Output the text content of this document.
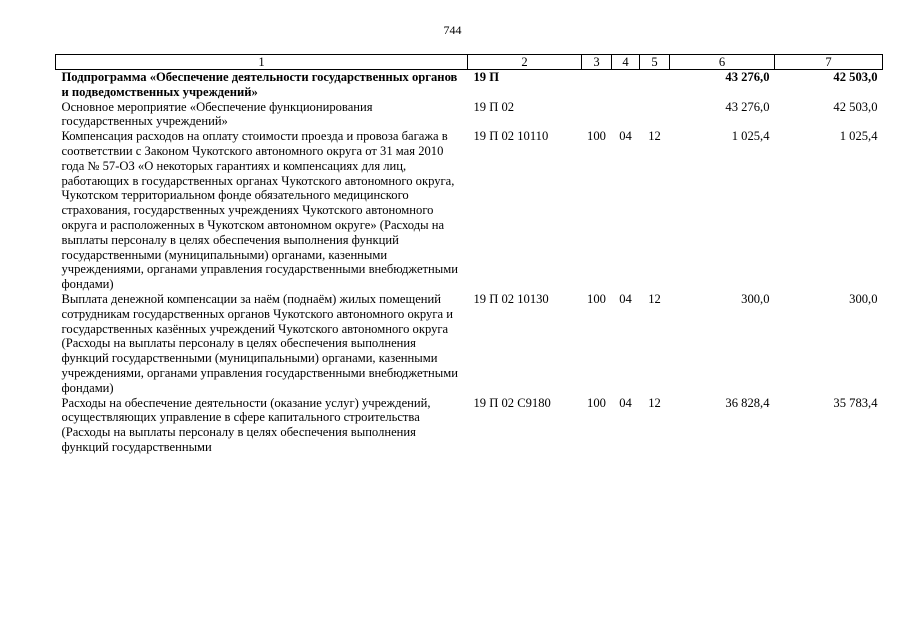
744
1	2	3	4	5	6	7
Подпрограмма «Обеспечение деятельности государственных органов и подведомственных учреждений»	19 П				43 276,0	42 503,0
Основное мероприятие «Обеспечение функционирования государственных учреждений»	19 П 02				43 276,0	42 503,0
Компенсация расходов на оплату стоимости проезда и провоза багажа в соответствии с Законом Чукотского автономного округа от 31 мая 2010 года № 57-ОЗ «О некоторых гарантиях и компенсациях для лиц, работающих в государственных органах Чукотского автономного округа, Чукотском территориальном фонде обязательного медицинского страхования, государственных учреждениях Чукотского автономного округа и расположенных в Чукотском автономном округе» (Расходы на выплаты персоналу в целях обеспечения выполнения функций государственными (муниципальными) органами, казенными учреждениями, органами управления государственными внебюджетными фондами)	19 П 02 10110	100	04	12	1 025,4	1 025,4
Выплата денежной компенсации за наём (поднаём) жилых помещений сотрудникам государственных органов Чукотского автономного округа и государственных казённых учреждений Чукотского автономного округа (Расходы на выплаты персоналу в целях обеспечения выполнения функций государственными (муниципальными) органами, казенными учреждениями, органами управления государственными внебюджетными фондами)	19 П 02 10130	100	04	12	300,0	300,0
Расходы на обеспечение деятельности (оказание услуг) учреждений, осуществляющих управление в сфере капитального строительства (Расходы на выплаты персоналу в целях обеспечения выполнения функций государственными	19 П 02 С9180	100	04	12	36 828,4	35 783,4
